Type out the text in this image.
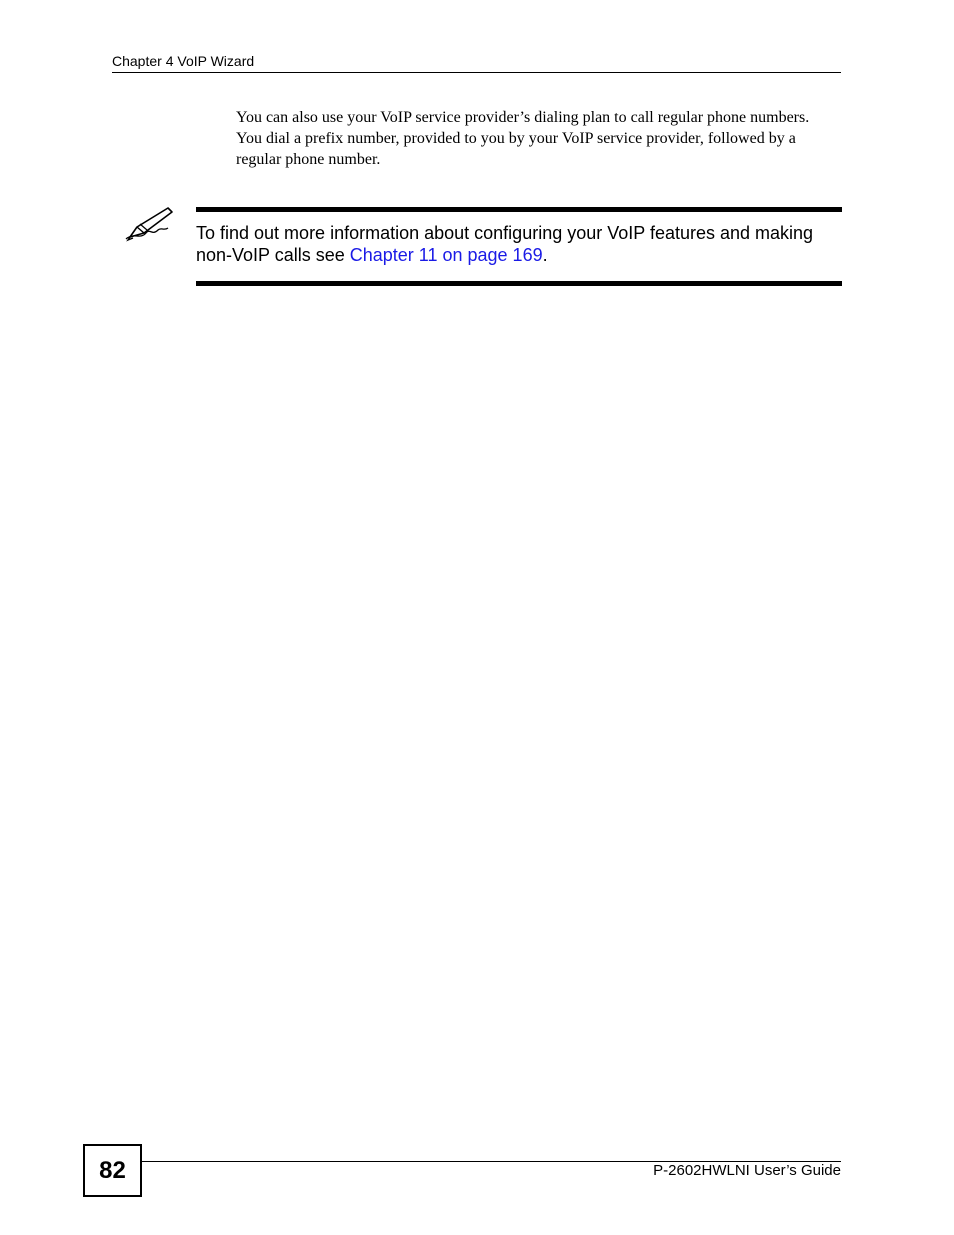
Chapter 4 VoIP Wizard

You can also use your VoIP service provider’s dialing plan to call regular phone numbers. You dial a prefix number, provided to you by your VoIP service provider, followed by a regular phone number.

To find out more information about configuring your VoIP features and making non-VoIP calls see Chapter 11 on page 169.

82	P-2602HWLNI User’s Guide
